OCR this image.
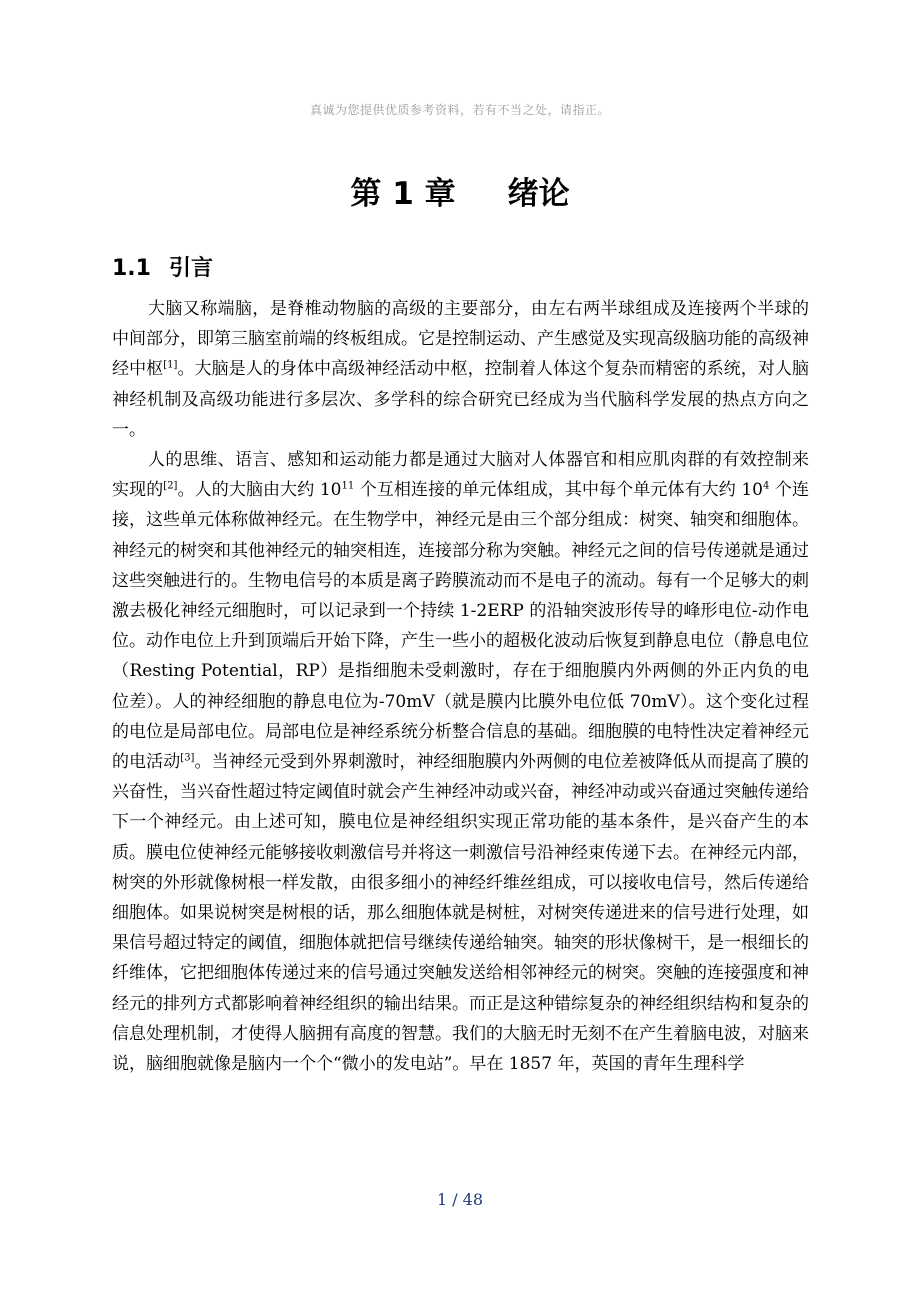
真诚为您提供优质参考资料，若有不当之处，请指正。
第 1 章 绪论
1.1 引言

大脑又称端脑，是脊椎动物脑的高级的主要部分，由左右两半球组成及连接两个半球的中间部分，即第三脑室前端的终板组成。它是控制运动、产生感觉及实现高级脑功能的高级神经中枢[1]。大脑是人的身体中高级神经活动中枢，控制着人体这个复杂而精密的系统，对人脑神经机制及高级功能进行多层次、多学科的综合研究已经成为当代脑科学发展的热点方向之一。

人的思维、语言、感知和运动能力都是通过大脑对人体器官和相应肌肉群的有效控制来实现的[2]。人的大脑由大约 $10^{11}$ 个互相连接的单元体组成，其中每个单元体有大约 $10^4$ 个连接，这些单元体称做神经元。在生物学中，神经元是由三个部分组成：树突、轴突和细胞体。神经元的树突和其他神经元的轴突相连，连接部分称为突触。神经元之间的信号传递就是通过这些突触进行的。生物电信号的本质是离子跨膜流动而不是电子的流动。每有一个足够大的刺激去极化神经元细胞时，可以记录到一个持续 1-2ERP 的沿轴突波形传导的峰形电位-动作电位。动作电位上升到顶端后开始下降，产生一些小的超极化波动后恢复到静息电位（静息电位（Resting Potential，RP）是指细胞未受刺激时，存在于细胞膜内外两侧的外正内负的电位差）。人的神经细胞的静息电位为-70mV（就是膜内比膜外电位低 70mV）。这个变化过程的电位是局部电位。局部电位是神经系统分析整合信息的基础。细胞膜的电特性决定着神经元的电活动[3]。当神经元受到外界刺激时，神经细胞膜内外两侧的电位差被降低从而提高了膜的兴奋性，当兴奋性超过特定阈值时就会产生神经冲动或兴奋，神经冲动或兴奋通过突触传递给下一个神经元。由上述可知，膜电位是神经组织实现正常功能的基本条件，是兴奋产生的本质。膜电位使神经元能够接收刺激信号并将这一刺激信号沿神经束传递下去。在神经元内部，树突的外形就像树根一样发散，由很多细小的神经纤维丝组成，可以接收电信号，然后传递给细胞体。如果说树突是树根的话，那么细胞体就是树桩，对树突传递进来的信号进行处理，如果信号超过特定的阈值，细胞体就把信号继续传递给轴突。轴突的形状像树干，是一根细长的纤维体，它把细胞体传递过来的信号通过突触发送给相邻神经元的树突。突触的连接强度和神经元的排列方式都影响着神经组织的输出结果。而正是这种错综复杂的神经组织结构和复杂的信息处理机制，才使得人脑拥有高度的智慧。我们的大脑无时无刻不在产生着脑电波，对脑来说，脑细胞就像是脑内一个个“微小的发电站”。早在 1857 年，英国的青年生理科学

1 / 48
